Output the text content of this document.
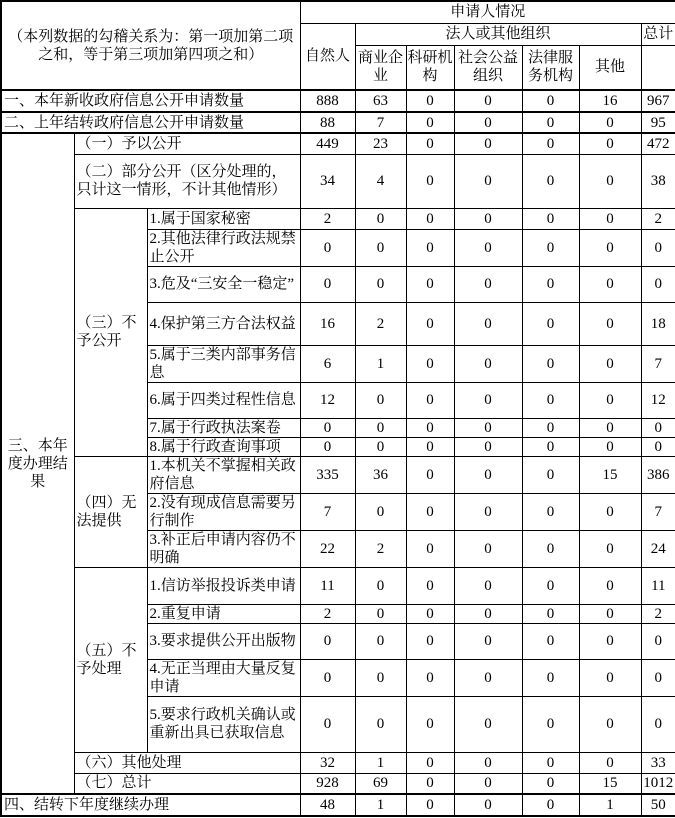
（本列数据的勾稽关系为：第一项加第二项之和，等于第三项加第四项之和）			申请人情况						
			自然人	法人或其他组织					总计
				商业企业	科研机构	社会公益组织	法律服务机构	其他	
一、本年新收政府信息公开申请数量			888	63	0	0	0	16	967
二、上年结转政府信息公开申请数量			88	7	0	0	0	0	95
三、本年度办理结果	（一）予以公开		449	23	0	0	0	0	472
	（二）部分公开（区分处理的，只计这一情形，不计其他情形）		34	4	0	0	0	0	38
	（三）不予公开	1.属于国家秘密	2	0	0	0	0	0	2
		2.其他法律行政法规禁止公开	0	0	0	0	0	0	0
		3.危及“三安全一稳定”	0	0	0	0	0	0	0
		4.保护第三方合法权益	16	2	0	0	0	0	18
		5.属于三类内部事务信息	6	1	0	0	0	0	7
		6.属于四类过程性信息	12	0	0	0	0	0	12
		7.属于行政执法案卷	0	0	0	0	0	0	0
		8.属于行政查询事项	0	0	0	0	0	0	0
	（四）无法提供	1.本机关不掌握相关政府信息	335	36	0	0	0	15	386
		2.没有现成信息需要另行制作	7	0	0	0	0	0	7
		3.补正后申请内容仍不明确	22	2	0	0	0	0	24
	（五）不予处理	1.信访举报投诉类申请	11	0	0	0	0	0	11
		2.重复申请	2	0	0	0	0	0	2
		3.要求提供公开出版物	0	0	0	0	0	0	0
		4.无正当理由大量反复申请	0	0	0	0	0	0	0
		5.要求行政机关确认或重新出具已获取信息	0	0	0	0	0	0	0
	（六）其他处理		32	1	0	0	0	0	33
	（七）总计		928	69	0	0	0	15	1012
四、结转下年度继续办理			48	1	0	0	0	1	50
